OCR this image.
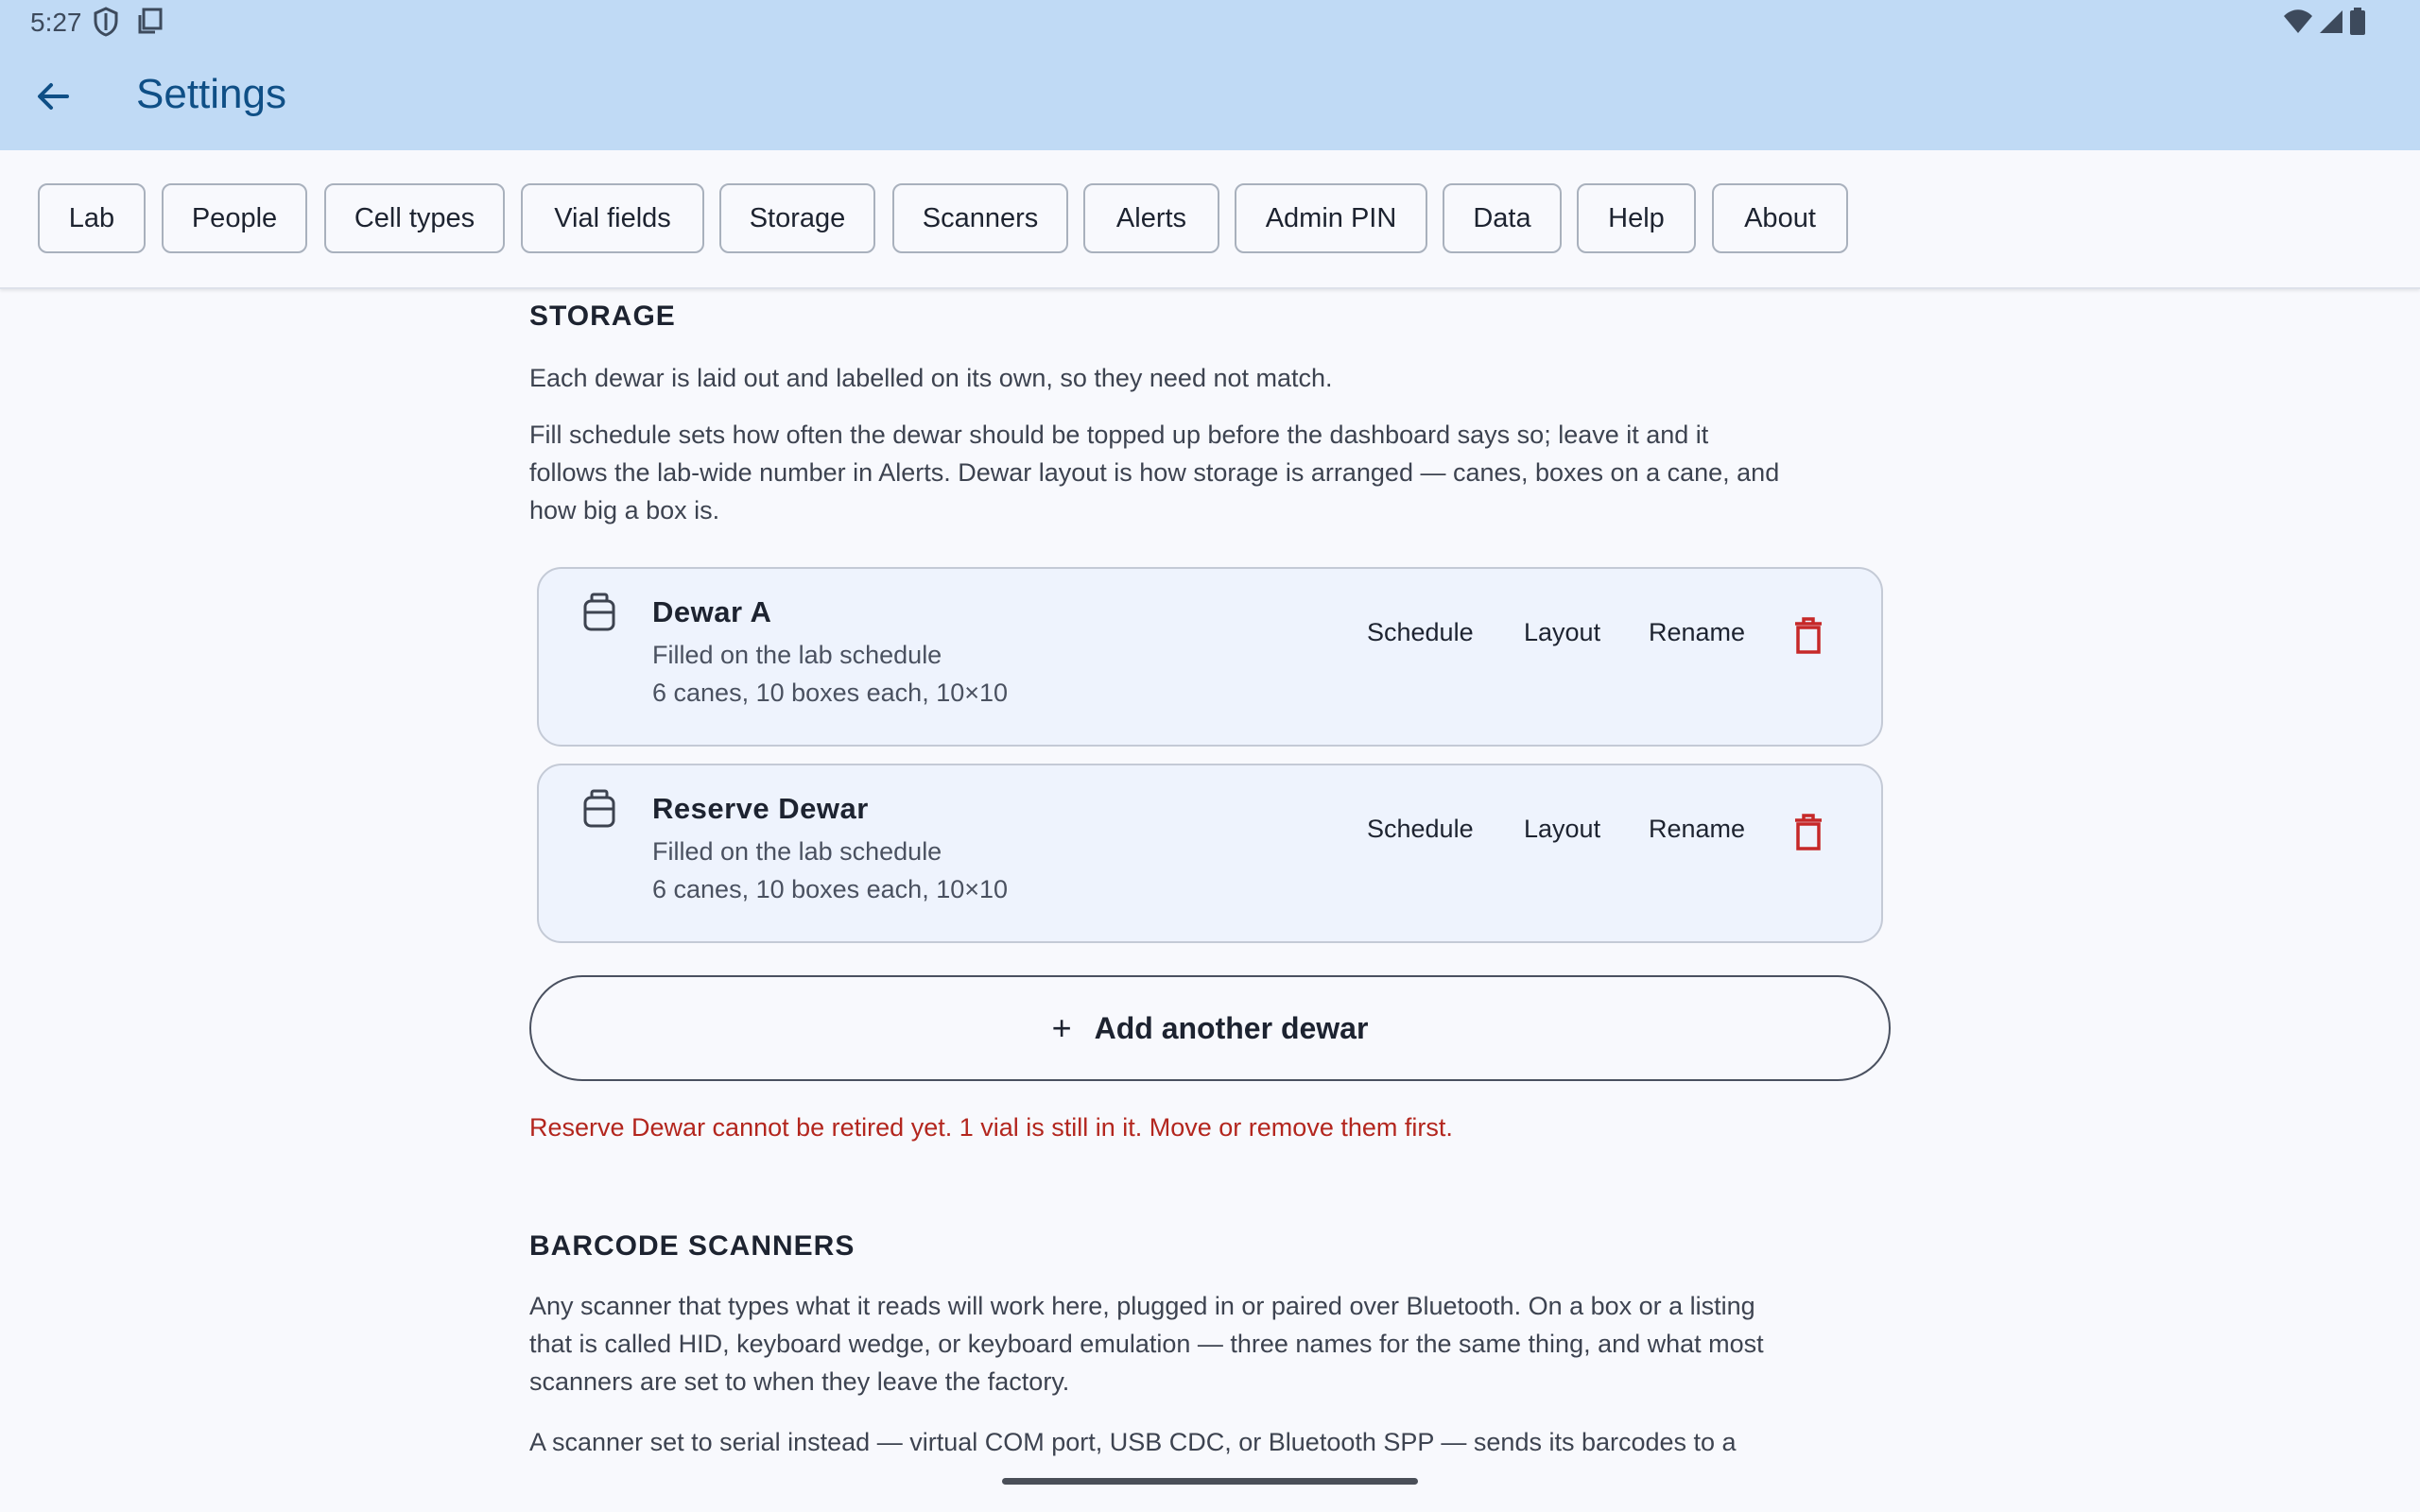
5:27
Settings
Lab	People	Cell types	Vial fields	Storage	Scanners	Alerts	Admin PIN	Data	Help	About
STORAGE
Each dewar is laid out and labelled on its own, so they need not match.
Fill schedule sets how often the dewar should be topped up before the dashboard says so; leave it and it
follows the lab-wide number in Alerts. Dewar layout is how storage is arranged — canes, boxes on a cane, and
how big a box is.
Dewar A
Filled on the lab schedule
6 canes, 10 boxes each, 10×10
Schedule Layout Rename
Reserve Dewar
Filled on the lab schedule
6 canes, 10 boxes each, 10×10
Schedule Layout Rename
+ Add another dewar
Reserve Dewar cannot be retired yet. 1 vial is still in it. Move or remove them first.
BARCODE SCANNERS
Any scanner that types what it reads will work here, plugged in or paired over Bluetooth. On a box or a listing
that is called HID, keyboard wedge, or keyboard emulation — three names for the same thing, and what most
scanners are set to when they leave the factory.
A scanner set to serial instead — virtual COM port, USB CDC, or Bluetooth SPP — sends its barcodes to a
